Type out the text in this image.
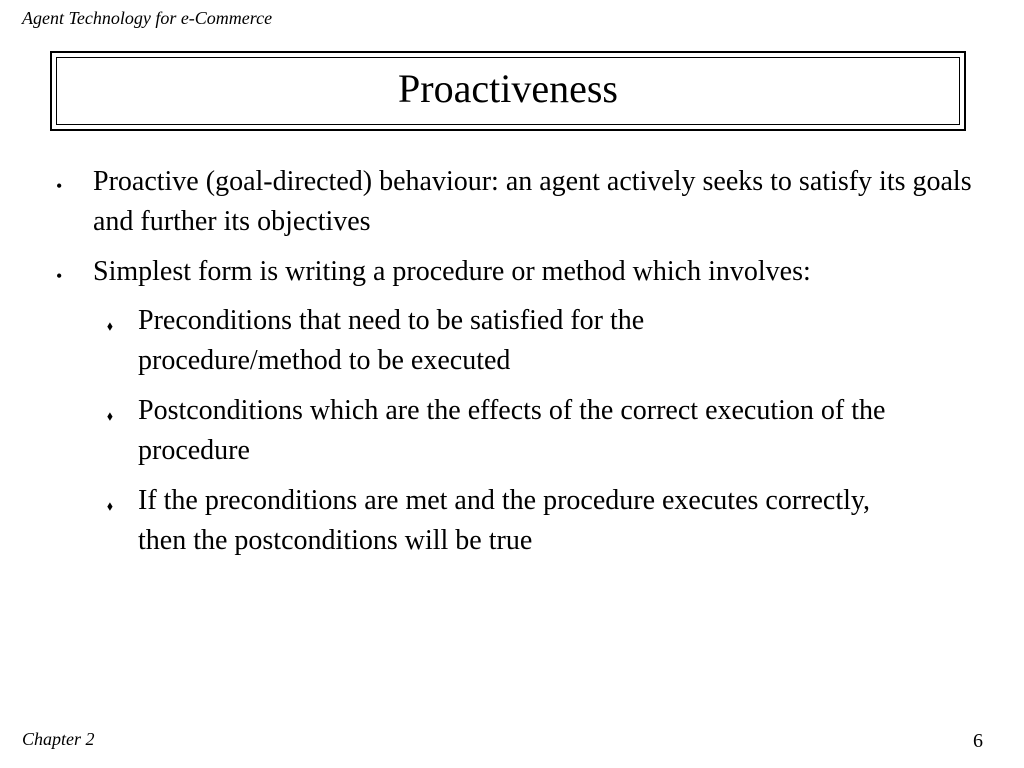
Agent Technology for e-Commerce
Proactiveness
• Proactive (goal-directed) behaviour: an agent actively seeks to satisfy its goals and further its objectives
• Simplest form is writing a procedure or method which involves:
⬧ Preconditions that need to be satisfied for the procedure/method to be executed
⬧ Postconditions which are the effects of the correct execution of the procedure
⬧ If the preconditions are met and the procedure executes correctly, then the postconditions will be true
Chapter 2	6
